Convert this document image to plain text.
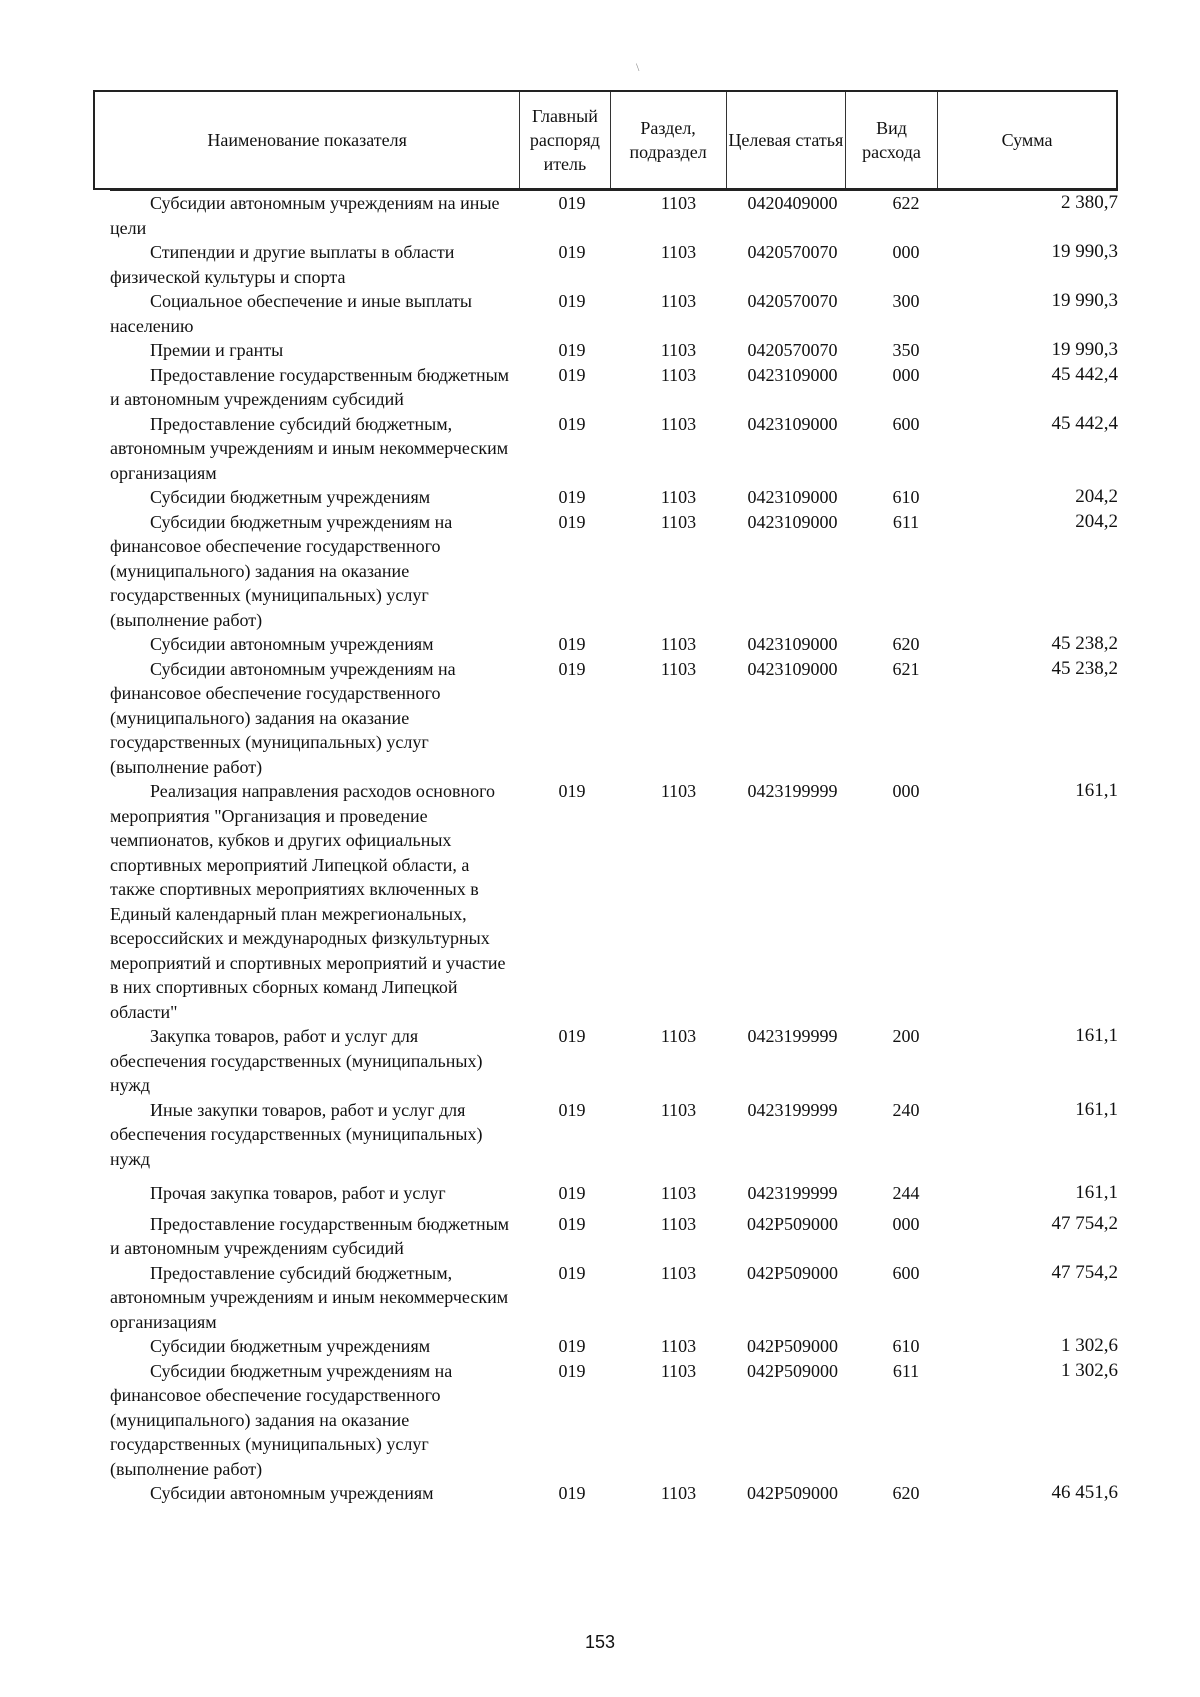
\
Наименование показателя	Главный распоряд итель	Раздел, подраздел	Целевая статья	Вид расхода	Сумма
Субсидии автономным учреждениям на иные цели
019	1103	0420409000	622	2 380,7
Стипендии и другие выплаты в области физической культуры и спорта
019	1103	0420570070	000	19 990,3
Социальное обеспечение и иные выплаты населению
019	1103	0420570070	300	19 990,3
Премии и гранты	019	1103	0420570070	350	19 990,3
Предоставление государственным бюджетным и автономным учреждениям субсидий
019	1103	0423109000	000	45 442,4
Предоставление субсидий бюджетным, автономным учреждениям и иным некоммерческим организациям
019	1103	0423109000	600	45 442,4
Субсидии бюджетным учреждениям	019	1103	0423109000	610	204,2
Субсидии бюджетным учреждениям на финансовое обеспечение государственного (муниципального) задания на оказание государственных (муниципальных) услуг (выполнение работ)
019	1103	0423109000	611	204,2
Субсидии автономным учреждениям	019	1103	0423109000	620	45 238,2
Субсидии автономным учреждениям на финансовое обеспечение государственного (муниципального) задания на оказание государственных (муниципальных) услуг (выполнение работ)
019	1103	0423109000	621	45 238,2
Реализация направления расходов основного мероприятия "Организация и проведение чемпионатов, кубков и других официальных спортивных мероприятий Липецкой области, а также спортивных мероприятиях включенных в Единый календарный план межрегиональных, всероссийских и международных физкультурных мероприятий и спортивных мероприятий и участие в них спортивных сборных команд Липецкой области"
019	1103	0423199999	000	161,1
Закупка товаров, работ и услуг для обеспечения государственных (муниципальных) нужд
019	1103	0423199999	200	161,1
Иные закупки товаров, работ и услуг для обеспечения государственных (муниципальных) нужд
019	1103	0423199999	240	161,1
Прочая закупка товаров, работ и услуг	019	1103	0423199999	244	161,1
Предоставление государственным бюджетным и автономным учреждениям субсидий
019	1103	042P509000	000	47 754,2
Предоставление субсидий бюджетным, автономным учреждениям и иным некоммерческим организациям
019	1103	042P509000	600	47 754,2
Субсидии бюджетным учреждениям	019	1103	042P509000	610	1 302,6
Субсидии бюджетным учреждениям на финансовое обеспечение государственного (муниципального) задания на оказание государственных (муниципальных) услуг (выполнение работ)
019	1103	042P509000	611	1 302,6
Субсидии автономным учреждениям	019	1103	042P509000	620	46 451,6
153
